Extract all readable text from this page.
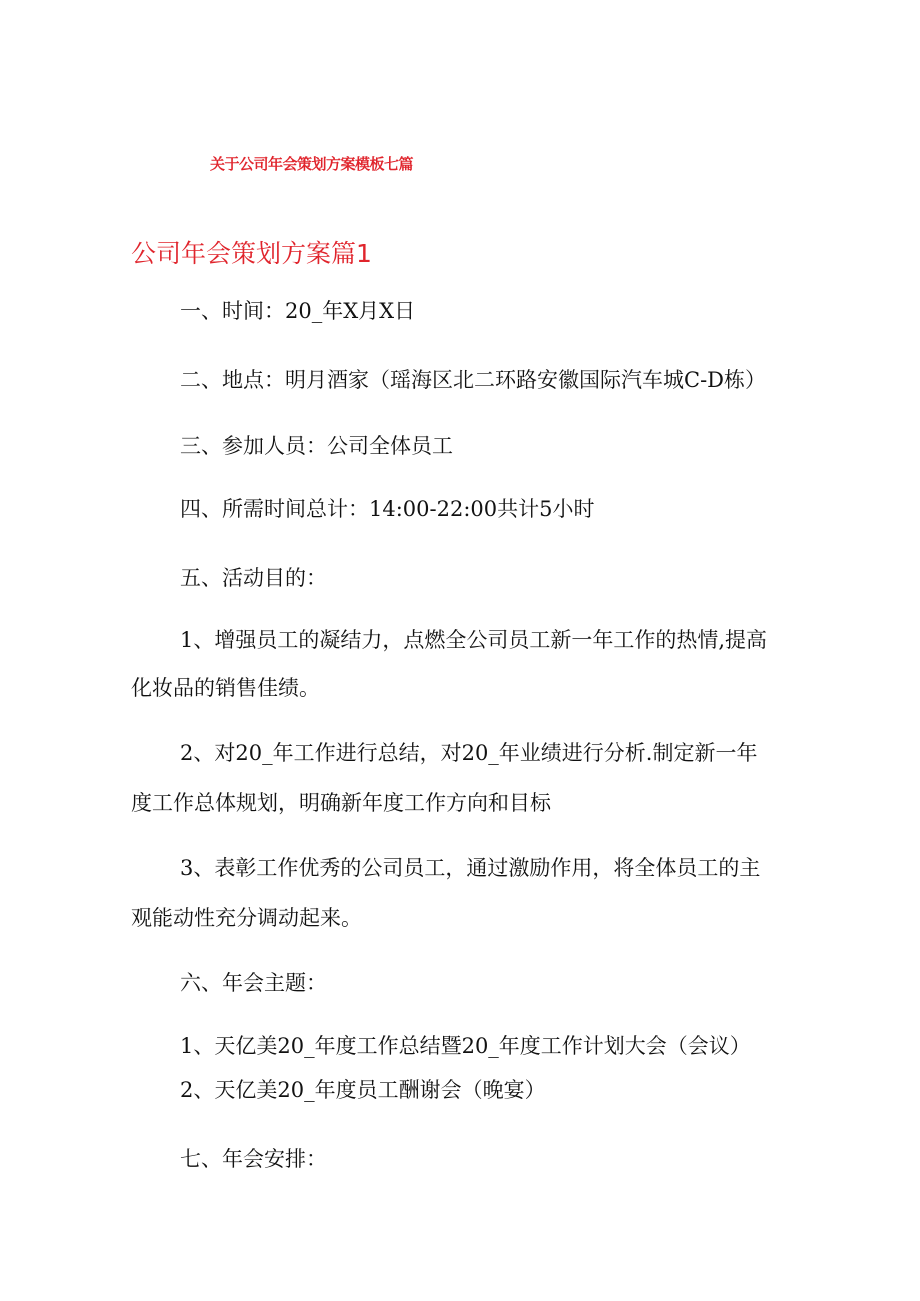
关于公司年会策划方案模板七篇
公司年会策划方案篇1
一、时间：20_年X月X日
二、地点：明月酒家（瑶海区北二环路安徽国际汽车城C-D栋）
三、参加人员：公司全体员工
四、所需时间总计：14:00-22:00共计5小时
五、活动目的：
1、增强员工的凝结力，点燃全公司员工新一年工作的热情,提高
化妆品的销售佳绩。
2、对20_年工作进行总结，对20_年业绩进行分析.制定新一年
度工作总体规划，明确新年度工作方向和目标
3、表彰工作优秀的公司员工，通过激励作用，将全体员工的主
观能动性充分调动起来。
六、年会主题：
1、天亿美20_年度工作总结暨20_年度工作计划大会（会议）
2、天亿美20_年度员工酬谢会（晚宴）
七、年会安排：
